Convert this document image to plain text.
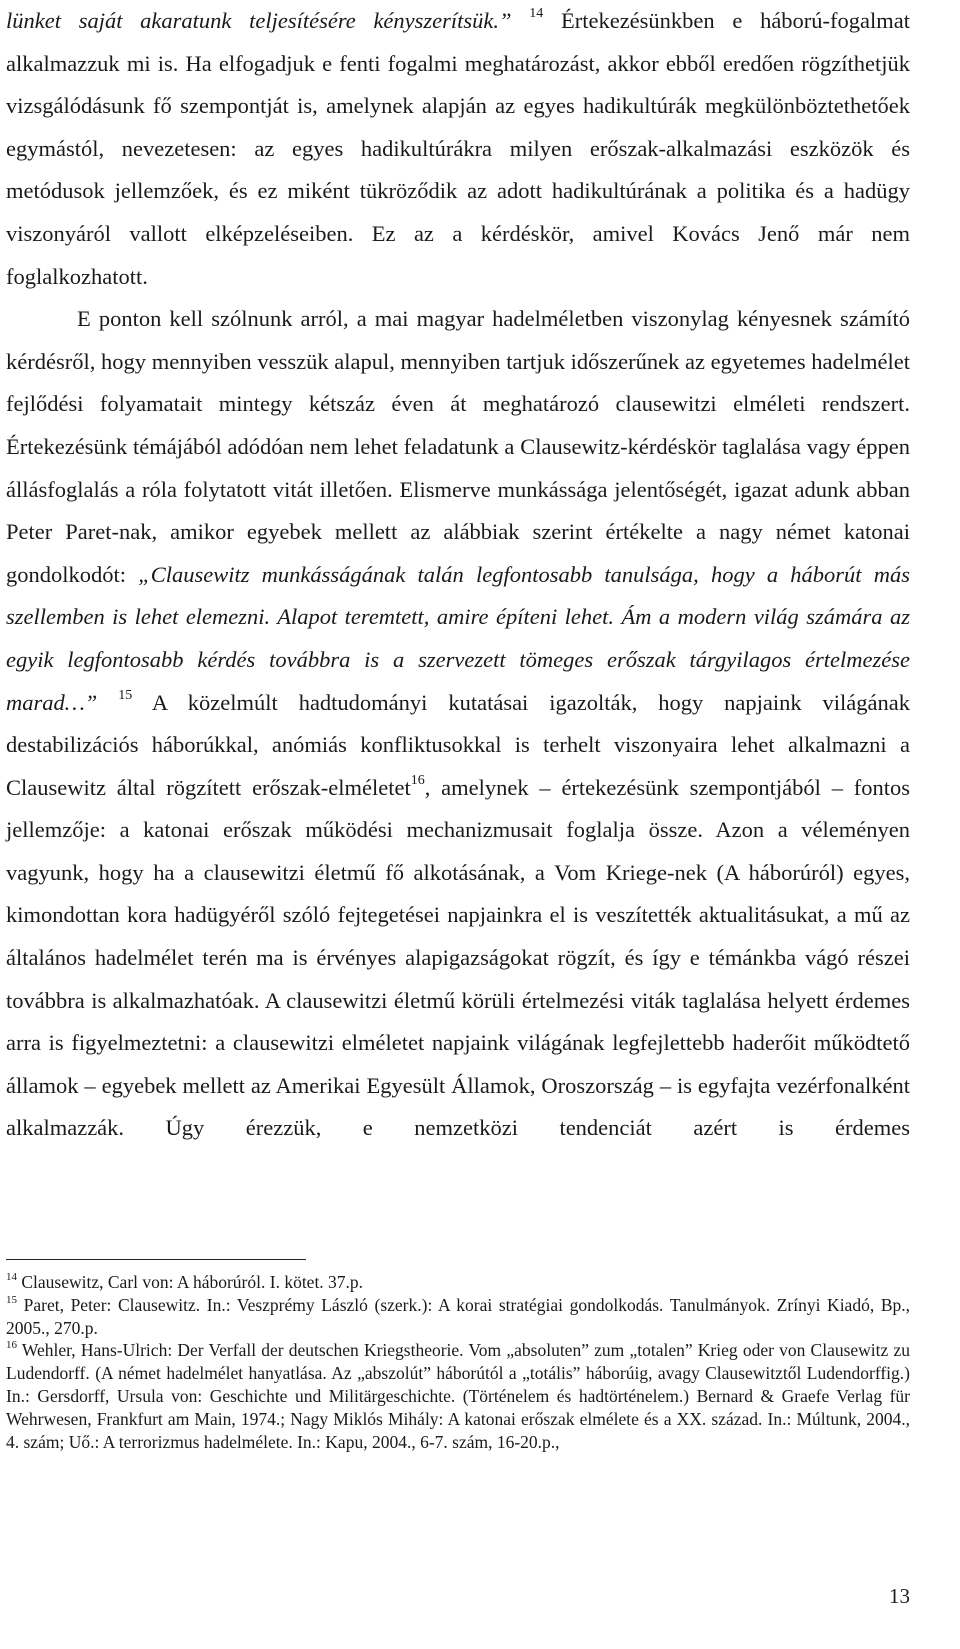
lünket saját akaratunk teljesítésére kényszerítsük.” $^{14}$ Értekezésünkben e háború-fogalmat alkalmazzuk mi is. Ha elfogadjuk e fenti fogalmi meghatározást, akkor ebből eredően rögzíthetjük vizsgálódásunk fő szempontját is, amelynek alapján az egyes hadikultúrák megkülönböztethetőek egymástól, nevezetesen: az egyes hadikultúrákra milyen erőszak-alkalmazási eszközök és metódusok jellemzőek, és ez miként tükröződik az adott hadikultúrának a politika és a hadügy viszonyáról vallott elképzeléseiben. Ez az a kérdéskör, amivel Kovács Jenő már nem foglalkozhatott.

E ponton kell szólnunk arról, a mai magyar hadelméletben viszonylag kényesnek számító kérdésről, hogy mennyiben vesszük alapul, mennyiben tartjuk időszerűnek az egyetemes hadelmélet fejlődési folyamatait mintegy kétszáz éven át meghatározó clausewitzi elméleti rendszert. Értekezésünk témájából adódóan nem lehet feladatunk a Clausewitz-kérdéskör taglalása vagy éppen állásfoglalás a róla folytatott vitát illetően. Elismerve munkássága jelentőségét, igazat adunk abban Peter Paret-nak, amikor egyebek mellett az alábbiak szerint értékelte a nagy német katonai gondolkodót: „Clausewitz munkásságának talán legfontosabb tanulsága, hogy a háborút más szellemben is lehet elemezni. Alapot teremtett, amire építeni lehet. Ám a modern világ számára az egyik legfontosabb kérdés továbbra is a szervezett tömeges erőszak tárgyilagos értelmezése marad…” $^{15}$ A közelmúlt hadtudományi kutatásai igazolták, hogy napjaink világának destabilizációs háborúkkal, anómiás konfliktusokkal is terhelt viszonyaira lehet alkalmazni a Clausewitz által rögzített erőszak-elméletet$^{16}$, amelynek – értekezésünk szempontjából – fontos jellemzője: a katonai erőszak működési mechanizmusait foglalja össze. Azon a véleményen vagyunk, hogy ha a clausewitzi életmű fő alkotásának, a Vom Kriege-nek (A háborúról) egyes, kimondottan kora hadügyéről szóló fejtegetései napjainkra el is veszítették aktualitásukat, a mű az általános hadelmélet terén ma is érvényes alapigazságokat rögzít, és így e témánkba vágó részei továbbra is alkalmazhatóak. A clausewitzi életmű körüli értelmezési viták taglalása helyett érdemes arra is figyelmeztetni: a clausewitzi elméletet napjaink világának legfejlettebb haderőit működtető államok – egyebek mellett az Amerikai Egyesült Államok, Oroszország – is egyfajta vezérfonalként alkalmazzák. Úgy érezzük, e nemzetközi tendenciát azért is érdemes

$^{14}$ Clausewitz, Carl von: A háborúról. I. kötet. 37.p.

$^{15}$ Paret, Peter: Clausewitz. In.: Veszprémy László (szerk.): A korai stratégiai gondolkodás. Tanulmányok. Zrínyi Kiadó, Bp., 2005., 270.p.

$^{16}$ Wehler, Hans-Ulrich: Der Verfall der deutschen Kriegstheorie. Vom „absoluten” zum „totalen” Krieg oder von Clausewitz zu Ludendorff. (A német hadelmélet hanyatlása. Az „abszolút” háborútól a „totális” háborúig, avagy Clausewitztől Ludendorffig.) In.: Gersdorff, Ursula von: Geschichte und Militärgeschichte. (Történelem és hadtörténelem.) Bernard & Graefe Verlag für Wehrwesen, Frankfurt am Main, 1974.; Nagy Miklós Mihály: A katonai erőszak elmélete és a XX. század. In.: Múltunk, 2004., 4. szám; Uő.: A terrorizmus hadelmélete. In.: Kapu, 2004., 6-7. szám, 16-20.p.,

13
